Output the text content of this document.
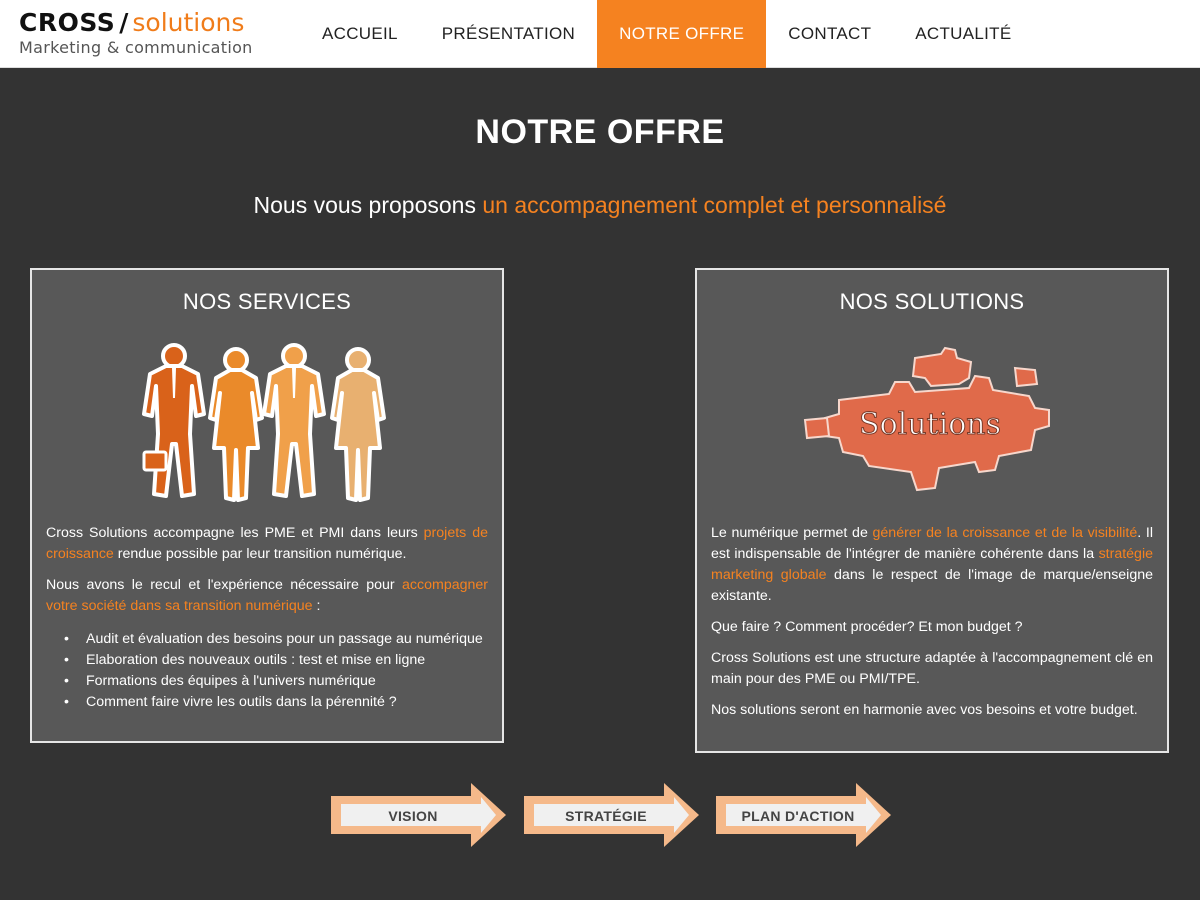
CROSS / solutions
Marketing & communication
ACCUEIL	PRÉSENTATION	NOTRE OFFRE	CONTACT	ACTUALITÉ
NOTRE OFFRE
Nous vous proposons un accompagnement complet et personnalisé
NOS SERVICES

Cross Solutions accompagne les PME et PMI dans leurs projets de croissance rendue possible par leur transition numérique.

Nous avons le recul et l'expérience nécessaire pour accompagner votre société dans sa transition numérique :

• Audit et évaluation des besoins pour un passage au numérique
• Elaboration des nouveaux outils : test et mise en ligne
• Formations des équipes à l'univers numérique
• Comment faire vivre les outils dans la pérennité ?
NOS SOLUTIONS
Solutions

Le numérique permet de générer de la croissance et de la visibilité. Il est indispensable de l'intégrer de manière cohérente dans la stratégie marketing globale dans le respect de l'image de marque/enseigne existante.

Que faire ? Comment procéder? Et mon budget ?

Cross Solutions est une structure adaptée à l'accompagnement clé en main pour des PME ou PMI/TPE.

Nos solutions seront en harmonie avec vos besoins et votre budget.

VISION	STRATÉGIE	PLAN D'ACTION
